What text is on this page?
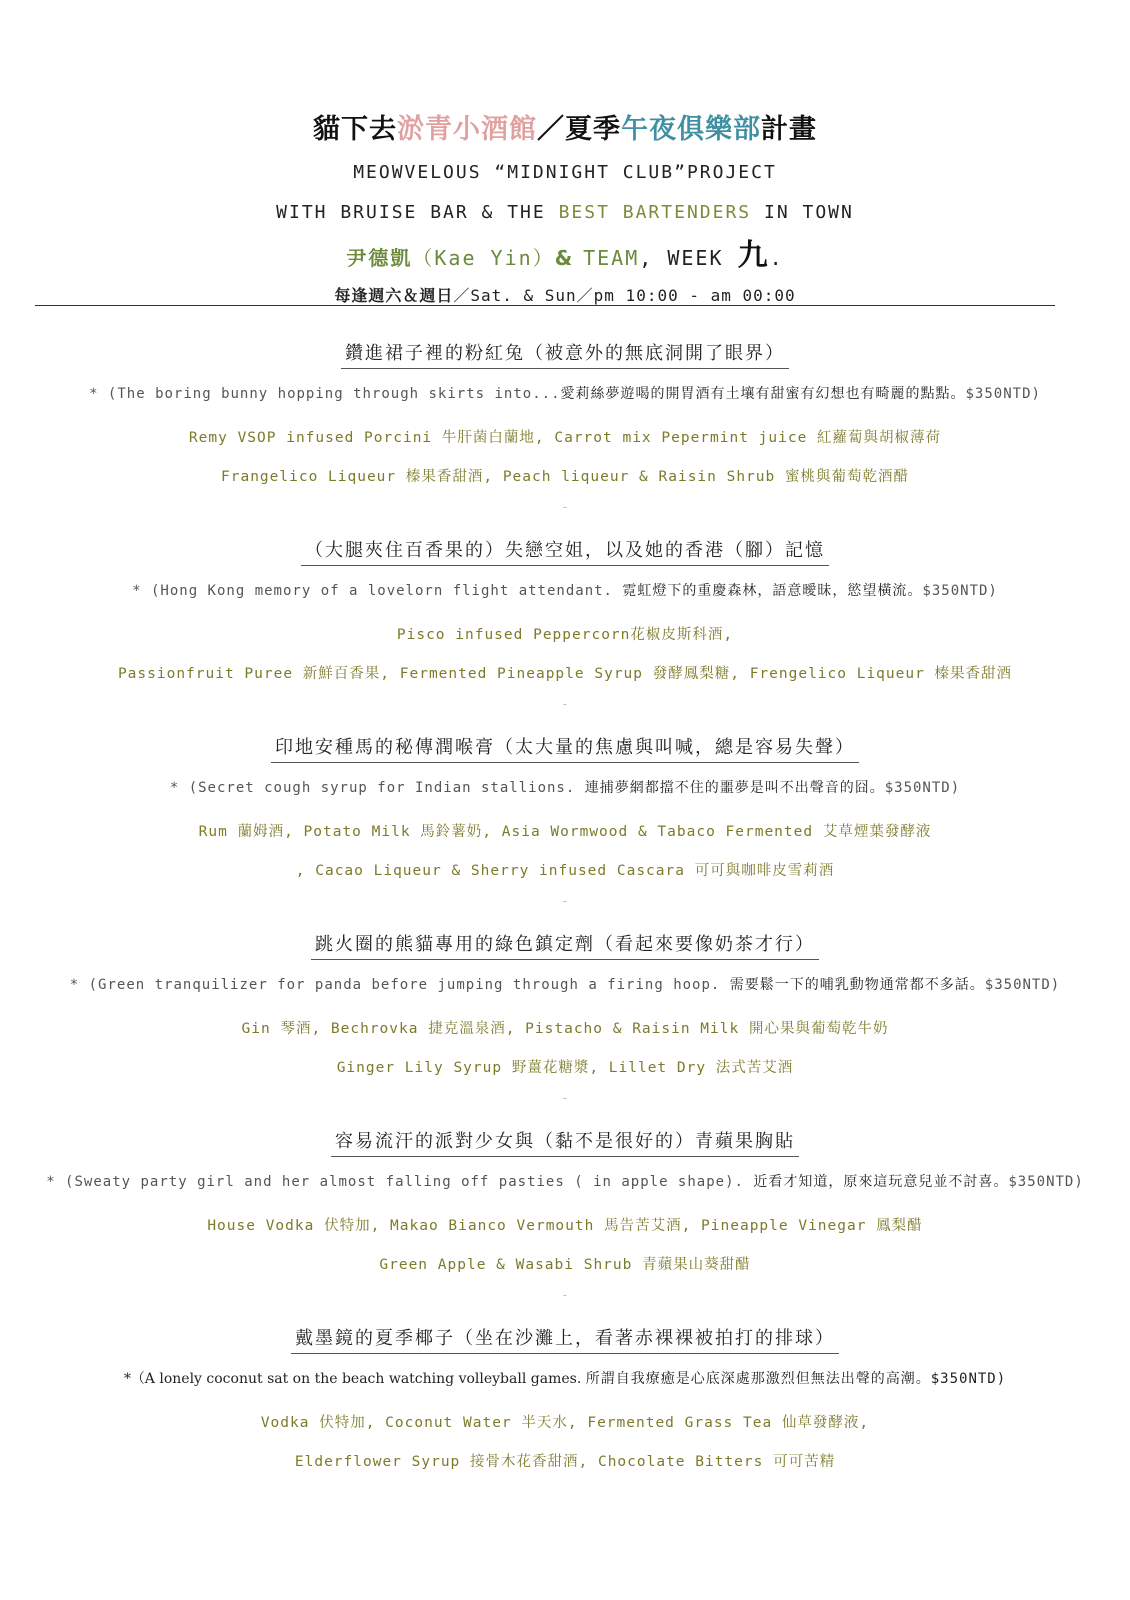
貓下去淤青小酒館／夏季午夜俱樂部計畫
MEOWVELOUS “MIDNIGHT CLUB”PROJECT
WITH BRUISE BAR & THE BEST BARTENDERS IN TOWN
尹德凱（Kae Yin）& TEAM, WEEK 九.
每逢週六＆週日／Sat. & Sun／pm 10:00 - am 00:00
鑽進裙子裡的粉紅兔（被意外的無底洞開了眼界）
* (The boring bunny hopping through skirts into...愛莉絲夢遊喝的開胃酒有土壤有甜蜜有幻想也有畸麗的點點。$350NTD)
Remy VSOP infused Porcini 牛肝菌白蘭地, Carrot mix Pepermint juice 紅蘿蔔與胡椒薄荷
Frangelico Liqueur 榛果香甜酒, Peach liqueur & Raisin Shrub 蜜桃與葡萄乾酒醋
-
（大腿夾住百香果的）失戀空姐，以及她的香港（腳）記憶
* (Hong Kong memory of a lovelorn flight attendant. 霓虹燈下的重慶森林，語意曖昧，慾望橫流。$350NTD)
Pisco infused Peppercorn花椒皮斯科酒,
Passionfruit Puree 新鮮百香果, Fermented Pineapple Syrup 發酵鳳梨糖, Frengelico Liqueur 榛果香甜酒
-
印地安種馬的秘傳潤喉膏（太大量的焦慮與叫喊，總是容易失聲）
* (Secret cough syrup for Indian stallions. 連捕夢網都擋不住的噩夢是叫不出聲音的囧。$350NTD)
Rum 蘭姆酒, Potato Milk 馬鈴薯奶, Asia Wormwood & Tabaco Fermented 艾草煙葉發酵液
, Cacao Liqueur & Sherry infused Cascara 可可與咖啡皮雪莉酒
-
跳火圈的熊貓專用的綠色鎮定劑（看起來要像奶茶才行）
* (Green tranquilizer for panda before jumping through a firing hoop. 需要鬆一下的哺乳動物通常都不多話。$350NTD)
Gin 琴酒, Bechrovka 捷克溫泉酒, Pistacho & Raisin Milk 開心果與葡萄乾牛奶
Ginger Lily Syrup 野薑花糖漿, Lillet Dry 法式苦艾酒
-
容易流汗的派對少女與（黏不是很好的）青蘋果胸貼
* (Sweaty party girl and her almost falling off pasties ( in apple shape). 近看才知道，原來這玩意兒並不討喜。$350NTD)
House Vodka 伏特加, Makao Bianco Vermouth 馬告苦艾酒, Pineapple Vinegar 鳳梨醋
Green Apple & Wasabi Shrub 青蘋果山葵甜醋
-
戴墨鏡的夏季椰子（坐在沙灘上，看著赤裸裸被拍打的排球）
*（A lonely coconut sat on the beach watching volleyball games. 所謂自我療癒是心底深處那激烈但無法出聲的高潮。$350NTD)
Vodka 伏特加, Coconut Water 半天水, Fermented Grass Tea 仙草發酵液,
Elderflower Syrup 接骨木花香甜酒, Chocolate Bitters 可可苦精
